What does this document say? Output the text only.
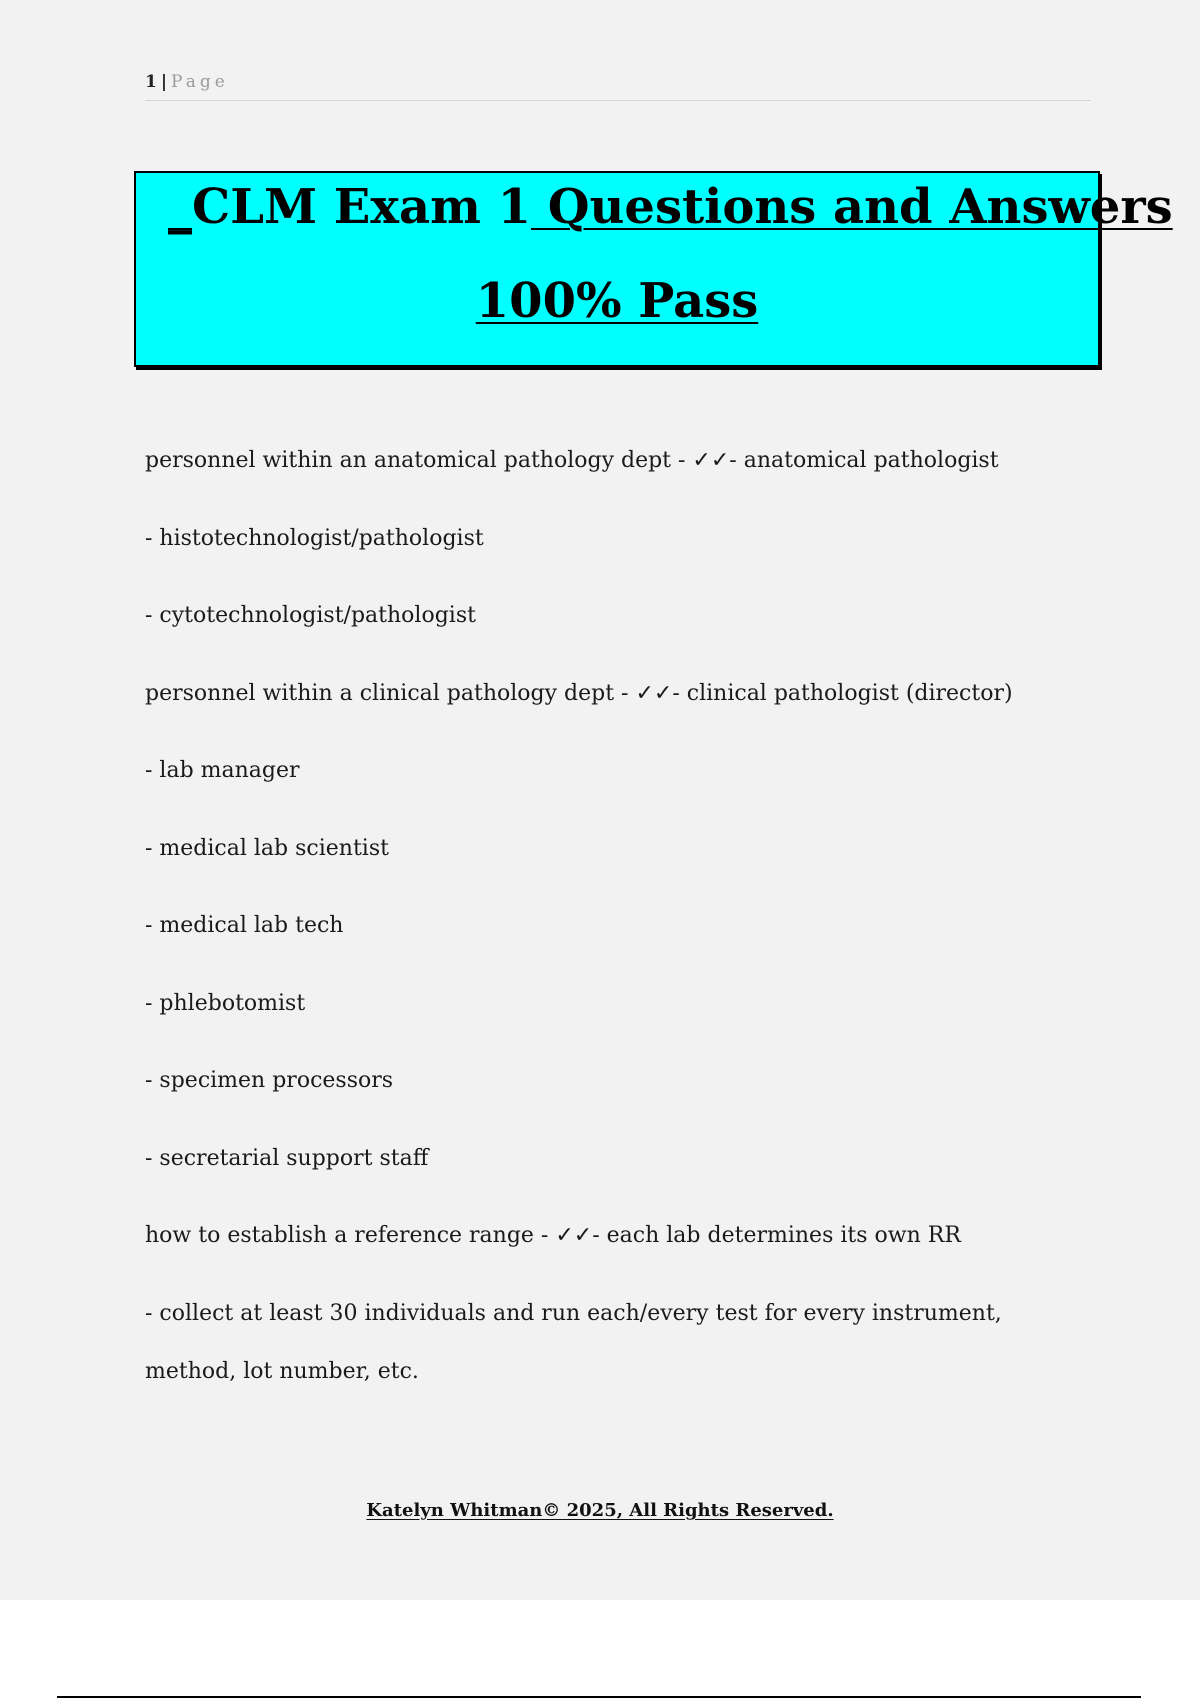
1 | Page
_CLM Exam 1 Questions and Answers
100% Pass
personnel within an anatomical pathology dept - ✓✓- anatomical pathologist
- histotechnologist/pathologist
- cytotechnologist/pathologist
personnel within a clinical pathology dept - ✓✓- clinical pathologist (director)
- lab manager
- medical lab scientist
- medical lab tech
- phlebotomist
- specimen processors
- secretarial support staff
how to establish a reference range - ✓✓- each lab determines its own RR
- collect at least 30 individuals and run each/every test for every instrument, method, lot number, etc.
Katelyn Whitman© 2025, All Rights Reserved.
